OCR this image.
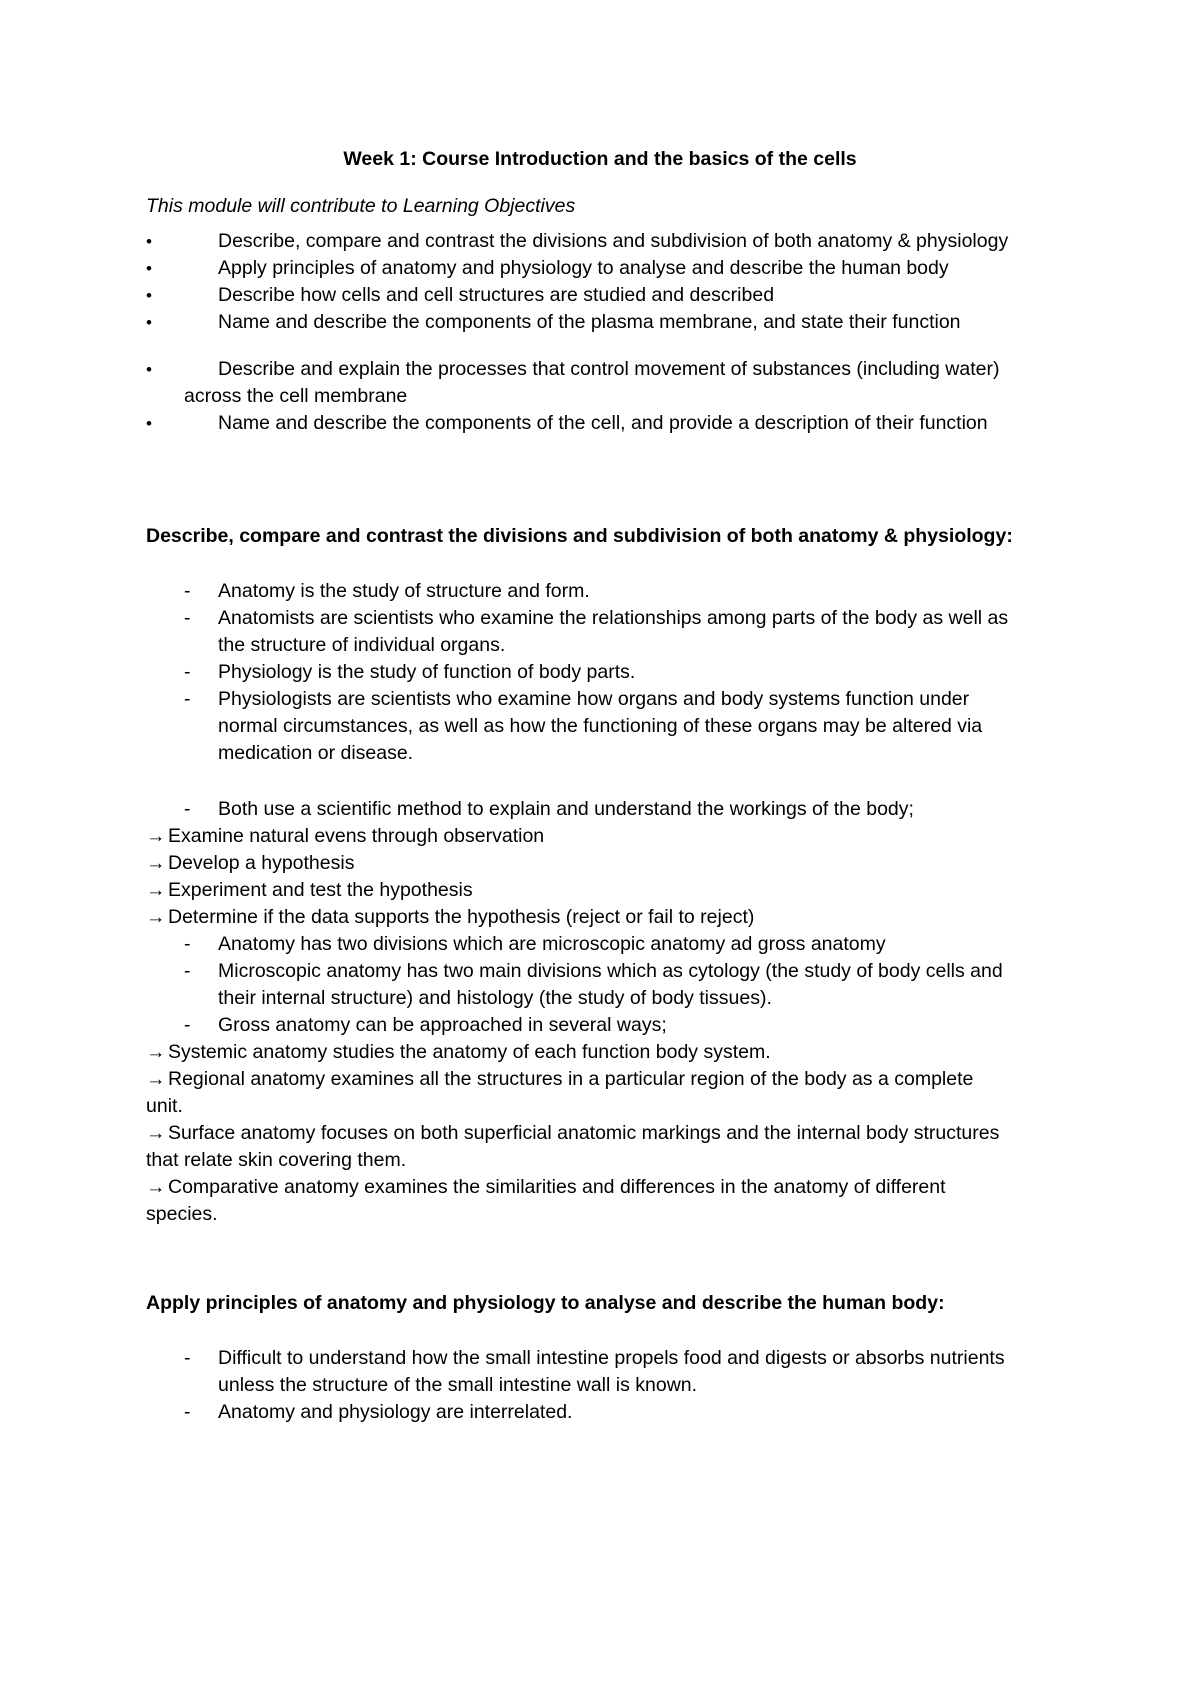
Week 1: Course Introduction and the basics of the cells
This module will contribute to Learning Objectives
•	Describe, compare and contrast the divisions and subdivision of both anatomy & physiology
•	Apply principles of anatomy and physiology to analyse and describe the human body
•	Describe how cells and cell structures are studied and described
•	Name and describe the components of the plasma membrane, and state their function
•	Describe and explain the processes that control movement of substances (including water)
across the cell membrane
•	Name and describe the components of the cell, and provide a description of their function
Describe, compare and contrast the divisions and subdivision of both anatomy & physiology:
- Anatomy is the study of structure and form.
- Anatomists are scientists who examine the relationships among parts of the body as well as
the structure of individual organs.
- Physiology is the study of function of body parts.
- Physiologists are scientists who examine how organs and body systems function under
normal circumstances, as well as how the functioning of these organs may be altered via
medication or disease.
- Both use a scientific method to explain and understand the workings of the body;
→ Examine natural evens through observation
→ Develop a hypothesis
→ Experiment and test the hypothesis
→ Determine if the data supports the hypothesis (reject or fail to reject)
- Anatomy has two divisions which are microscopic anatomy ad gross anatomy
- Microscopic anatomy has two main divisions which as cytology (the study of body cells and
their internal structure) and histology (the study of body tissues).
- Gross anatomy can be approached in several ways;
→ Systemic anatomy studies the anatomy of each function body system.
→ Regional anatomy examines all the structures in a particular region of the body as a complete
unit.
→ Surface anatomy focuses on both superficial anatomic markings and the internal body structures
that relate skin covering them.
→ Comparative anatomy examines the similarities and differences in the anatomy of different
species.
Apply principles of anatomy and physiology to analyse and describe the human body:
- Difficult to understand how the small intestine propels food and digests or absorbs nutrients
unless the structure of the small intestine wall is known.
- Anatomy and physiology are interrelated.
